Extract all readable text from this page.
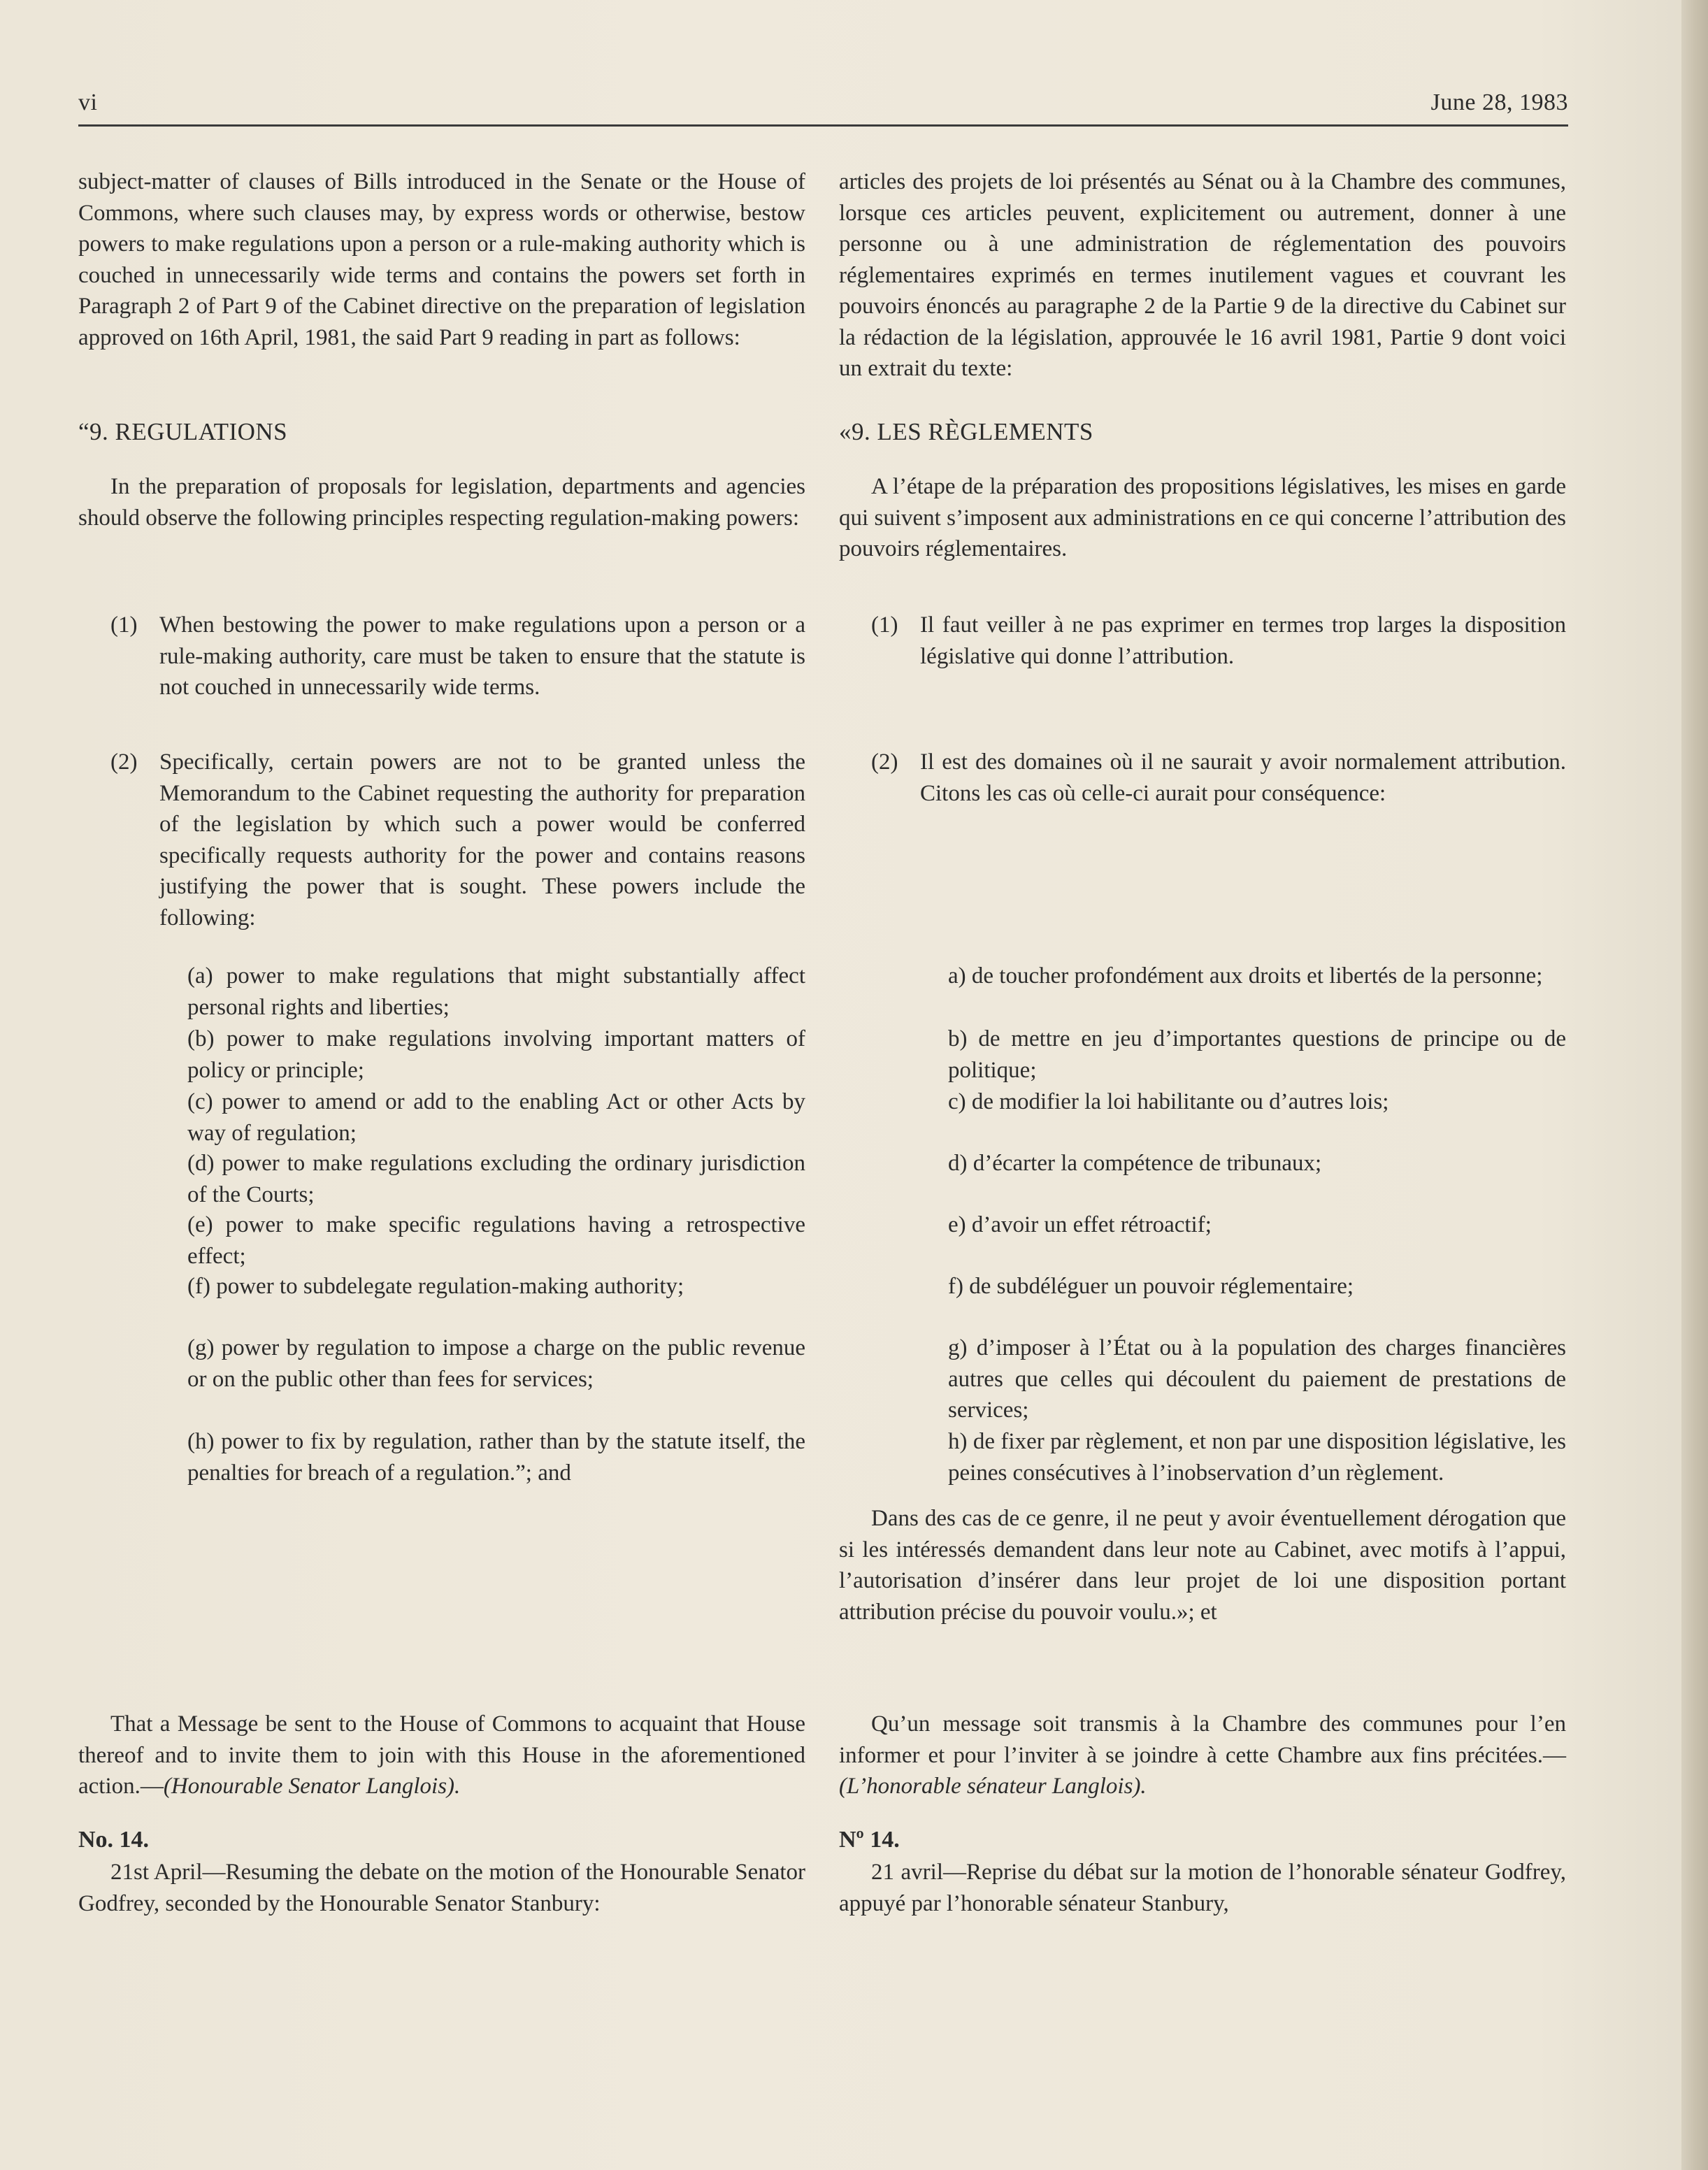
vi	June 28, 1983

subject-matter of clauses of Bills introduced in the Senate or the House of Commons, where such clauses may, by express words or otherwise, bestow powers to make regulations upon a person or a rule-making authority which is couched in unnecessarily wide terms and contains the powers set forth in Paragraph 2 of Part 9 of the Cabinet directive on the preparation of legislation approved on 16th April, 1981, the said Part 9 reading in part as follows:

“9. REGULATIONS

In the preparation of proposals for legislation, departments and agencies should observe the following principles respecting regulation-making powers:

(1) When bestowing the power to make regulations upon a person or a rule-making authority, care must be taken to ensure that the statute is not couched in unnecessarily wide terms.

(2) Specifically, certain powers are not to be granted unless the Memorandum to the Cabinet requesting the authority for preparation of the legislation by which such a power would be conferred specifically requests authority for the power and contains reasons justifying the power that is sought. These powers include the following:

(a) power to make regulations that might substantially affect personal rights and liberties;

(b) power to make regulations involving important matters of policy or principle;

(c) power to amend or add to the enabling Act or other Acts by way of regulation;

(d) power to make regulations excluding the ordinary jurisdiction of the Courts;

(e) power to make specific regulations having a retrospective effect;

(f) power to subdelegate regulation-making authority;

(g) power by regulation to impose a charge on the public revenue or on the public other than fees for services;

(h) power to fix by regulation, rather than by the statute itself, the penalties for breach of a regulation.”; and

That a Message be sent to the House of Commons to acquaint that House thereof and to invite them to join with this House in the aforementioned action.—(Honourable Senator Langlois).

No. 14.

21st April—Resuming the debate on the motion of the Honourable Senator Godfrey, seconded by the Honourable Senator Stanbury:

articles des projets de loi présentés au Sénat ou à la Chambre des communes, lorsque ces articles peuvent, explicitement ou autrement, donner à une personne ou à une administration de réglementation des pouvoirs réglementaires exprimés en termes inutilement vagues et couvrant les pouvoirs énoncés au paragraphe 2 de la Partie 9 de la directive du Cabinet sur la rédaction de la législation, approuvée le 16 avril 1981, Partie 9 dont voici un extrait du texte:

«9. LES RÈGLEMENTS

A l’étape de la préparation des propositions législatives, les mises en garde qui suivent s’imposent aux administrations en ce qui concerne l’attribution des pouvoirs réglementaires.

(1) Il faut veiller à ne pas exprimer en termes trop larges la disposition législative qui donne l’attribution.

(2) Il est des domaines où il ne saurait y avoir normalement attribution. Citons les cas où celle-ci aurait pour conséquence:

a) de toucher profondément aux droits et libertés de la personne;

b) de mettre en jeu d’importantes questions de principe ou de politique;

c) de modifier la loi habilitante ou d’autres lois;

d) d’écarter la compétence de tribunaux;

e) d’avoir un effet rétroactif;

f) de subdéléguer un pouvoir réglementaire;

g) d’imposer à l’État ou à la population des charges financières autres que celles qui découlent du paiement de prestations de services;

h) de fixer par règlement, et non par une disposition législative, les peines consécutives à l’inobservation d’un règlement.

Dans des cas de ce genre, il ne peut y avoir éventuellement dérogation que si les intéressés demandent dans leur note au Cabinet, avec motifs à l’appui, l’autorisation d’insérer dans leur projet de loi une disposition portant attribution précise du pouvoir voulu.»; et

Qu’un message soit transmis à la Chambre des communes pour l’en informer et pour l’inviter à se joindre à cette Chambre aux fins précitées.—(L’honorable sénateur Langlois).

Nº 14.

21 avril—Reprise du débat sur la motion de l’honorable sénateur Godfrey, appuyé par l’honorable sénateur Stanbury,
